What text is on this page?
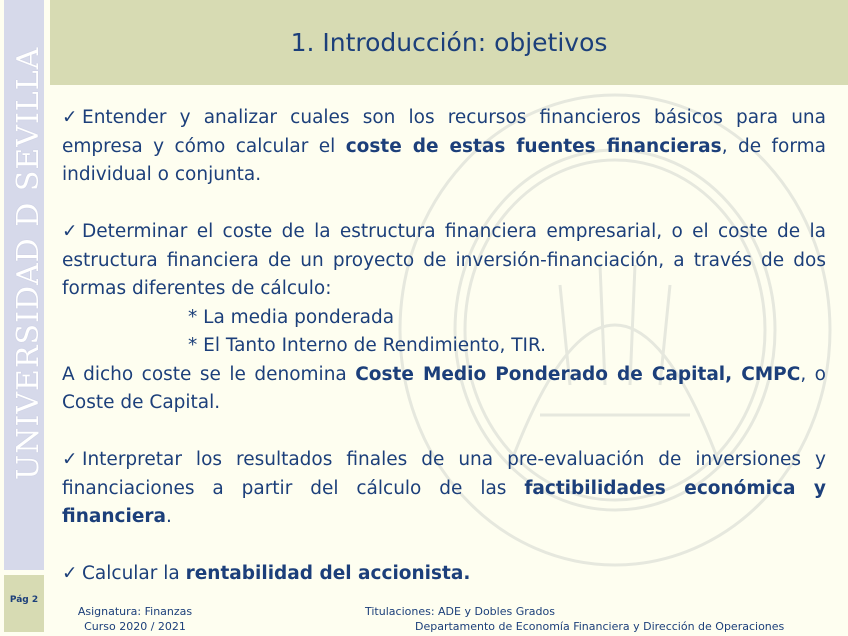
UNIVERSIDAD D SEVILLA
1. Introducción: objetivos
✓ Entender y analizar cuales son los recursos financieros básicos para una empresa y cómo calcular el coste de estas fuentes financieras, de forma individual o conjunta.
✓ Determinar el coste de la estructura financiera empresarial, o el coste de la estructura financiera de un proyecto de inversión-financiación, a través de dos formas diferentes de cálculo:
* La media ponderada
* El Tanto Interno de Rendimiento, TIR.
A dicho coste se le denomina Coste Medio Ponderado de Capital, CMPC, o Coste de Capital.
✓ Interpretar los resultados finales de una pre-evaluación de inversiones y financiaciones a partir del cálculo de las factibilidades económica y financiera.
✓ Calcular la rentabilidad del accionista.
Pág 2
Asignatura: Finanzas
Curso 2020 / 2021
Titulaciones: ADE y Dobles Grados
Departamento de Economía Financiera y Dirección de Operaciones
